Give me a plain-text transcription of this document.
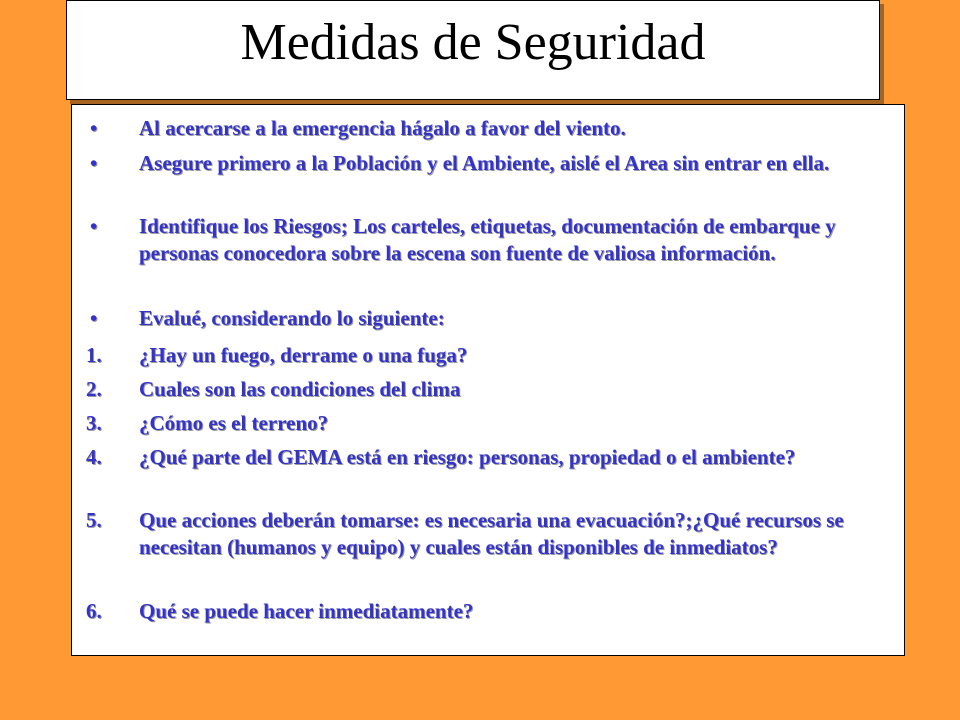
Medidas de Seguridad
• Al acercarse a la emergencia hágalo a favor del viento.
• Asegure primero a la Población y el Ambiente, aislé el Area sin entrar en ella.
• Identifique los Riesgos; Los carteles, etiquetas, documentación de embarque y personas conocedora sobre la escena son fuente de valiosa información.
• Evalué, considerando lo siguiente:
1. ¿Hay un fuego, derrame o una fuga?
2. Cuales son las condiciones del clima
3. ¿Cómo es el terreno?
4. ¿Qué parte del GEMA está en riesgo: personas, propiedad o el ambiente?
5. Que acciones deberán tomarse: es necesaria una evacuación?;¿Qué recursos se necesitan (humanos y equipo) y cuales están disponibles de inmediatos?
6. Qué se puede hacer inmediatamente?
